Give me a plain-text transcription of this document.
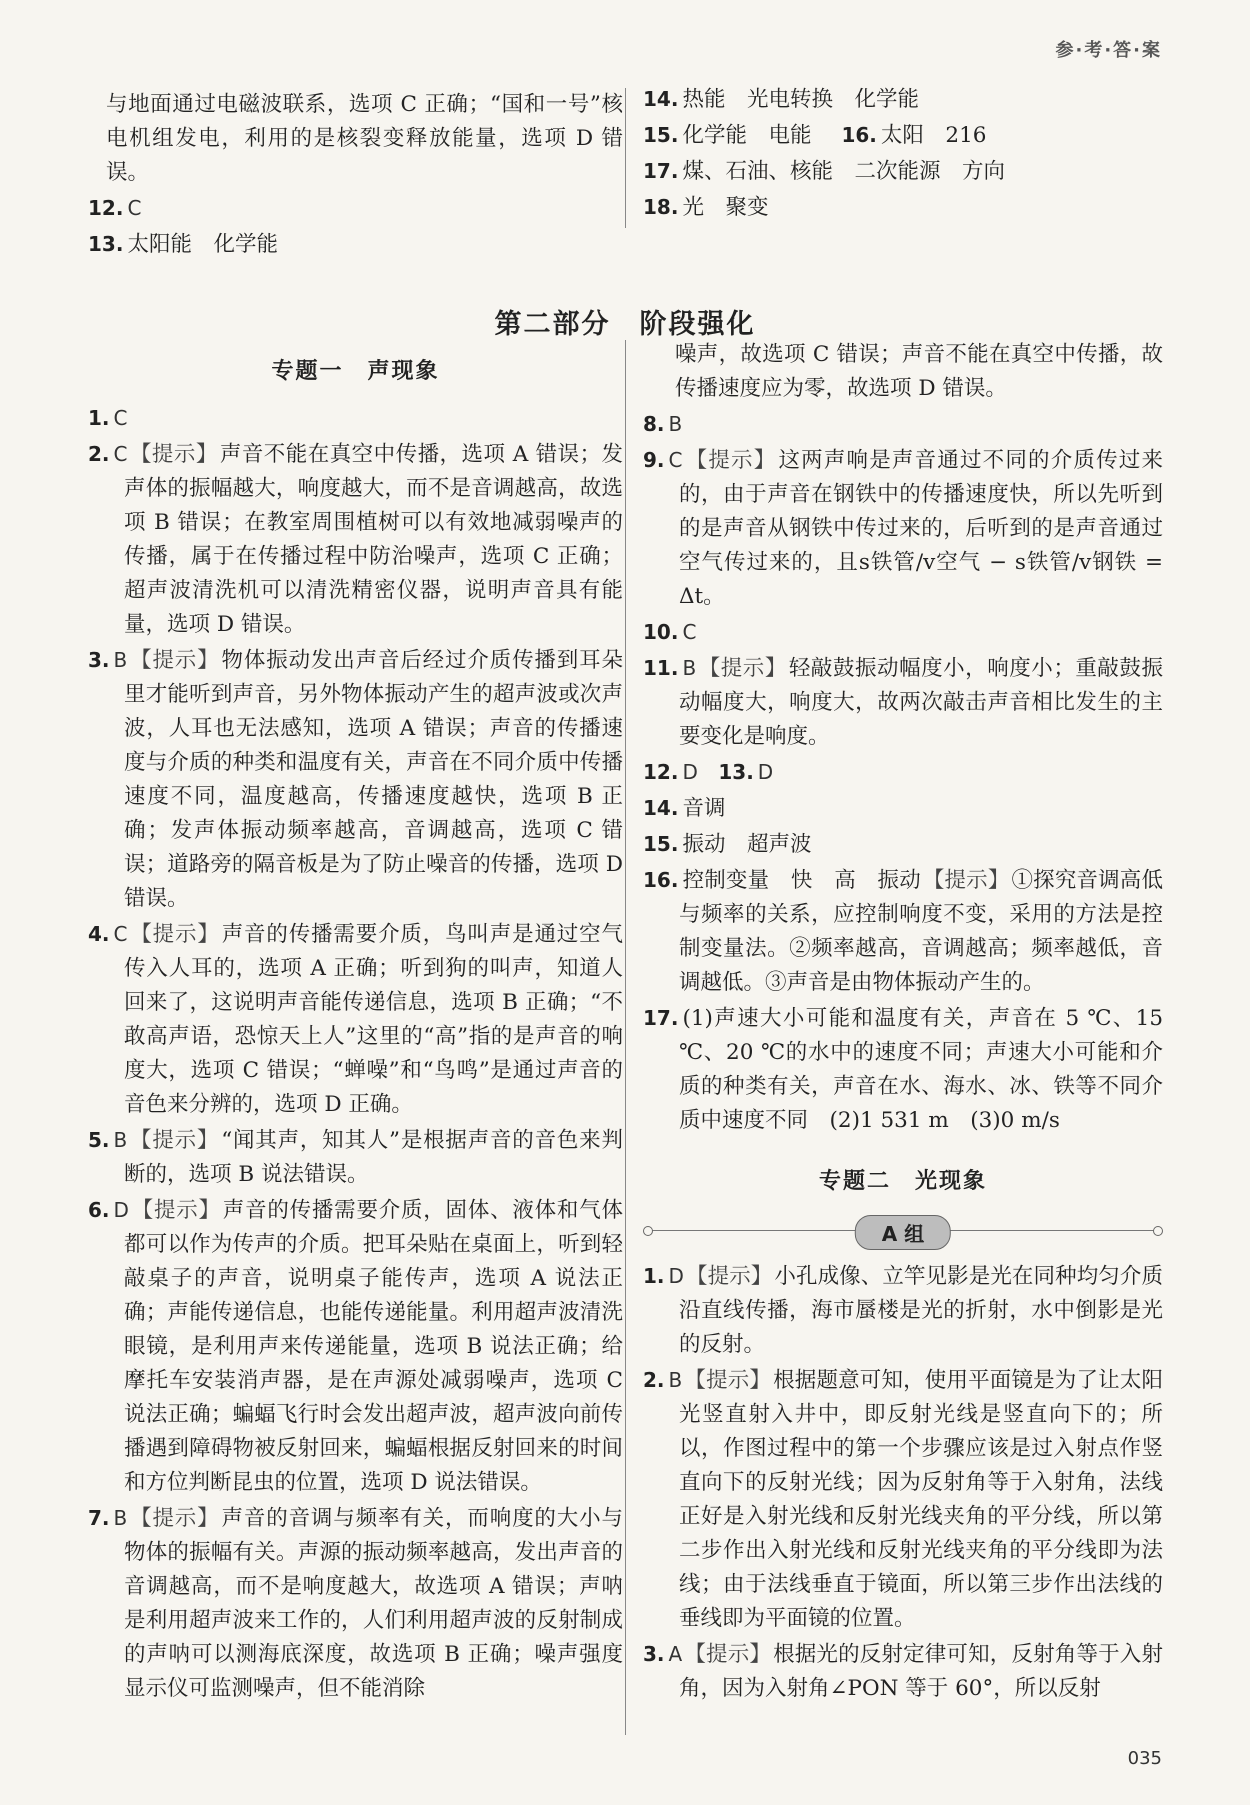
参·考·答·案
与地面通过电磁波联系，选项 C 正确；“国和一号”核电机组发电，利用的是核裂变释放能量，选项 D 错误。
12. C
13. 太阳能　化学能
14. 热能　光电转换　化学能
15. 化学能　电能 16. 太阳　216
17. 煤、石油、核能　二次能源　方向
18. 光　聚变
第二部分　阶段强化
专题一　声现象
1. C
2. C【提示】声音不能在真空中传播，选项 A 错误；发声体的振幅越大，响度越大，而不是音调越高，故选项 B 错误；在教室周围植树可以有效地减弱噪声的传播，属于在传播过程中防治噪声，选项 C 正确；超声波清洗机可以清洗精密仪器，说明声音具有能量，选项 D 错误。
3. B【提示】物体振动发出声音后经过介质传播到耳朵里才能听到声音，另外物体振动产生的超声波或次声波，人耳也无法感知，选项 A 错误；声音的传播速度与介质的种类和温度有关，声音在不同介质中传播速度不同，温度越高，传播速度越快，选项 B 正确；发声体振动频率越高，音调越高，选项 C 错误；道路旁的隔音板是为了防止噪音的传播，选项 D 错误。
4. C【提示】声音的传播需要介质，鸟叫声是通过空气传入人耳的，选项 A 正确；听到狗的叫声，知道人回来了，这说明声音能传递信息，选项 B 正确；“不敢高声语，恐惊天上人”这里的“高”指的是声音的响度大，选项 C 错误；“蝉噪”和“鸟鸣”是通过声音的音色来分辨的，选项 D 正确。
5. B【提示】“闻其声，知其人”是根据声音的音色来判断的，选项 B 说法错误。
6. D【提示】声音的传播需要介质，固体、液体和气体都可以作为传声的介质。把耳朵贴在桌面上，听到轻敲桌子的声音，说明桌子能传声，选项 A 说法正确；声能传递信息，也能传递能量。利用超声波清洗眼镜，是利用声来传递能量，选项 B 说法正确；给摩托车安装消声器，是在声源处减弱噪声，选项 C 说法正确；蝙蝠飞行时会发出超声波，超声波向前传播遇到障碍物被反射回来，蝙蝠根据反射回来的时间和方位判断昆虫的位置，选项 D 说法错误。
7. B【提示】声音的音调与频率有关，而响度的大小与物体的振幅有关。声源的振动频率越高，发出声音的音调越高，而不是响度越大，故选项 A 错误；声呐是利用超声波来工作的，人们利用超声波的反射制成的声呐可以测海底深度，故选项 B 正确；噪声强度显示仪可监测噪声，但不能消除
噪声，故选项 C 错误；声音不能在真空中传播，故传播速度应为零，故选项 D 错误。
8. B
9. C【提示】这两声响是声音通过不同的介质传过来的，由于声音在钢铁中的传播速度快，所以先听到的是声音从钢铁中传过来的，后听到的是声音通过空气传过来的，且s铁管/v空气 − s铁管/v钢铁 = Δt。
10. C
11. B【提示】轻敲鼓振动幅度小，响度小；重敲鼓振动幅度大，响度大，故两次敲击声音相比发生的主要变化是响度。
12. D 13. D
14. 音调
15. 振动　超声波
16. 控制变量　快　高　振动【提示】①探究音调高低与频率的关系，应控制响度不变，采用的方法是控制变量法。②频率越高，音调越高；频率越低，音调越低。③声音是由物体振动产生的。
17. (1)声速大小可能和温度有关，声音在 5 ℃、15 ℃、20 ℃的水中的速度不同；声速大小可能和介质的种类有关，声音在水、海水、冰、铁等不同介质中速度不同　(2)1 531 m　(3)0 m/s
专题二　光现象
A 组
1. D【提示】小孔成像、立竿见影是光在同种均匀介质沿直线传播，海市蜃楼是光的折射，水中倒影是光的反射。
2. B【提示】根据题意可知，使用平面镜是为了让太阳光竖直射入井中，即反射光线是竖直向下的；所以，作图过程中的第一个步骤应该是过入射点作竖直向下的反射光线；因为反射角等于入射角，法线正好是入射光线和反射光线夹角的平分线，所以第二步作出入射光线和反射光线夹角的平分线即为法线；由于法线垂直于镜面，所以第三步作出法线的垂线即为平面镜的位置。
3. A【提示】根据光的反射定律可知，反射角等于入射角，因为入射角∠PON 等于 60°，所以反射
035
